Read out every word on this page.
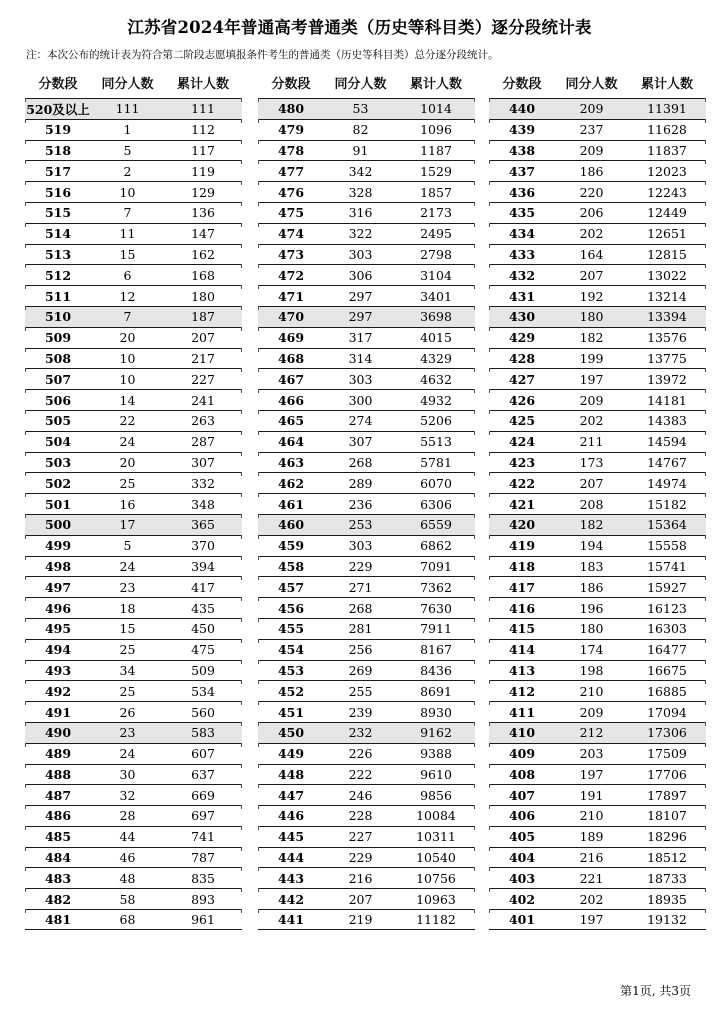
江苏省2024年普通高考普通类（历史等科目类）逐分段统计表
注：本次公布的统计表为符合第二阶段志愿填报条件考生的普通类（历史等科目类）总分逐分段统计。
分数段	同分人数	累计人数
520及以上	111	111
519	1	112
518	5	117
517	2	119
516	10	129
515	7	136
514	11	147
513	15	162
512	6	168
511	12	180
510	7	187
509	20	207
508	10	217
507	10	227
506	14	241
505	22	263
504	24	287
503	20	307
502	25	332
501	16	348
500	17	365
499	5	370
498	24	394
497	23	417
496	18	435
495	15	450
494	25	475
493	34	509
492	25	534
491	26	560
490	23	583
489	24	607
488	30	637
487	32	669
486	28	697
485	44	741
484	46	787
483	48	835
482	58	893
481	68	961
分数段	同分人数	累计人数
480	53	1014
479	82	1096
478	91	1187
477	342	1529
476	328	1857
475	316	2173
474	322	2495
473	303	2798
472	306	3104
471	297	3401
470	297	3698
469	317	4015
468	314	4329
467	303	4632
466	300	4932
465	274	5206
464	307	5513
463	268	5781
462	289	6070
461	236	6306
460	253	6559
459	303	6862
458	229	7091
457	271	7362
456	268	7630
455	281	7911
454	256	8167
453	269	8436
452	255	8691
451	239	8930
450	232	9162
449	226	9388
448	222	9610
447	246	9856
446	228	10084
445	227	10311
444	229	10540
443	216	10756
442	207	10963
441	219	11182
分数段	同分人数	累计人数
440	209	11391
439	237	11628
438	209	11837
437	186	12023
436	220	12243
435	206	12449
434	202	12651
433	164	12815
432	207	13022
431	192	13214
430	180	13394
429	182	13576
428	199	13775
427	197	13972
426	209	14181
425	202	14383
424	211	14594
423	173	14767
422	207	14974
421	208	15182
420	182	15364
419	194	15558
418	183	15741
417	186	15927
416	196	16123
415	180	16303
414	174	16477
413	198	16675
412	210	16885
411	209	17094
410	212	17306
409	203	17509
408	197	17706
407	191	17897
406	210	18107
405	189	18296
404	216	18512
403	221	18733
402	202	18935
401	197	19132
第1页, 共3页
